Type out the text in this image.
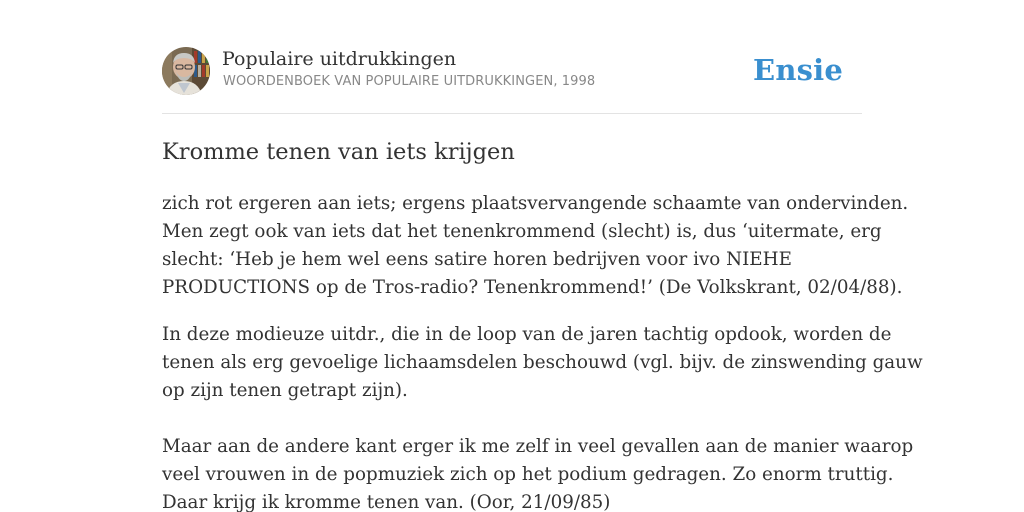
Populaire uitdrukkingen
WOORDENBOEK VAN POPULAIRE UITDRUKKINGEN, 1998	Ensie
Kromme tenen van iets krijgen

zich rot ergeren aan iets; ergens plaatsvervangende schaamte van ondervinden.
Men zegt ook van iets dat het tenenkrommend (slecht) is, dus ‘uitermate, erg
slecht: ‘Heb je hem wel eens satire horen bedrijven voor ivo NIEHE
PRODUCTIONS op de Tros-radio? Tenenkrommend!’ (De Volkskrant, 02/04/88).

In deze modieuze uitdr., die in de loop van de jaren tachtig opdook, worden de
tenen als erg gevoelige lichaamsdelen beschouwd (vgl. bijv. de zinswending gauw
op zijn tenen getrapt zijn).
Maar aan de andere kant erger ik me zelf in veel gevallen aan de manier waarop
veel vrouwen in de popmuziek zich op het podium gedragen. Zo enorm truttig.
Daar krijg ik kromme tenen van. (Oor, 21/09/85)
